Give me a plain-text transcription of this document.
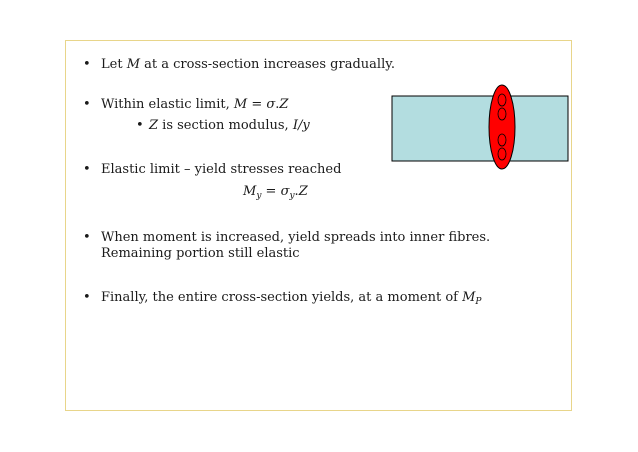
• Let M at a cross-section increases gradually.
• Within elastic limit, M = σ.Z
• Z is section modulus, I/y
• Elastic limit – yield stresses reached
$M_y = \sigma_y.Z$
• When moment is increased, yield spreads into inner fibres.
Remaining portion still elastic
• Finally, the entire cross-section yields, at a moment of $M_P$
